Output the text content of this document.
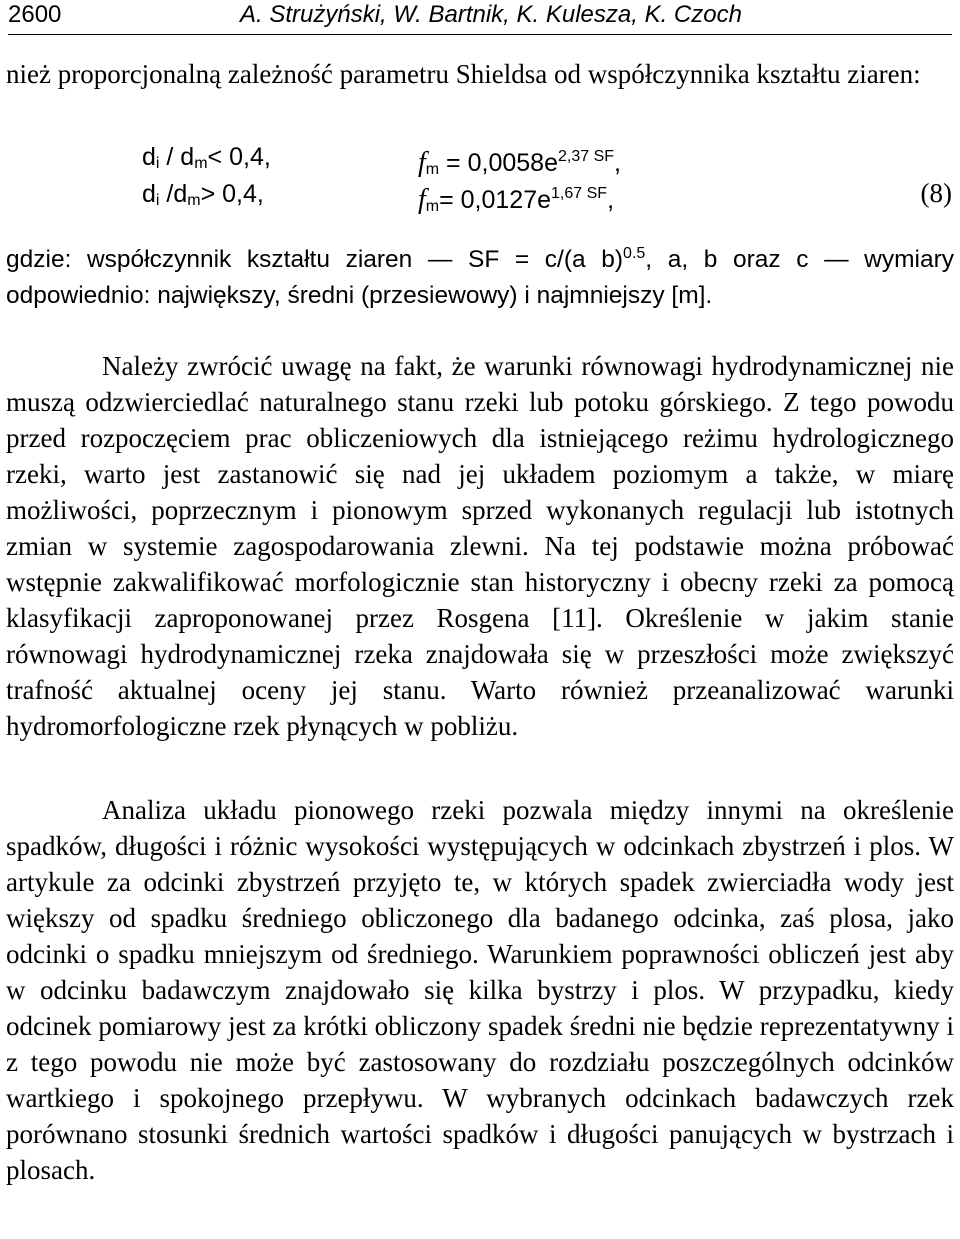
2600	A. Strużyński, W. Bartnik, K. Kulesza, K. Czoch

nież proporcjonalną zależność parametru Shieldsa od współczynnika kształtu ziaren:

$d_i / d_m< 0,4$,	$f_m = 0,0058e^{2,37 SF}$,
$d_i$ $/d_m> 0,4$,	$f_m= 0,0127e^{1,67 SF}$,	(8)

gdzie: współczynnik kształtu ziaren — SF = c/(a b)$^{0.5}$, a, b oraz c — wymiary odpowiednio: największy, średni (przesiewowy) i najmniejszy [m].

Należy zwrócić uwagę na fakt, że warunki równowagi hydrodynamicznej nie muszą odzwierciedlać naturalnego stanu rzeki lub potoku górskiego. Z tego powodu przed rozpoczęciem prac obliczeniowych dla istniejącego reżimu hydrologicznego rzeki, warto jest zastanowić się nad jej układem poziomym a także, w miarę możliwości, poprzecznym i pionowym sprzed wykonanych regulacji lub istotnych zmian w systemie zagospodarowania zlewni. Na tej podstawie można próbować wstępnie zakwalifikować morfologicznie stan historyczny i obecny rzeki za pomocą klasyfikacji zaproponowanej przez Rosgena [11]. Określenie w jakim stanie równowagi hydrodynamicznej rzeka znajdowała się w przeszłości może zwiększyć trafność aktualnej oceny jej stanu. Warto również przeanalizować warunki hydromorfologiczne rzek płynących w pobliżu.

Analiza układu pionowego rzeki pozwala między innymi na określenie spadków, długości i różnic wysokości występujących w odcinkach zbystrzeń i plos. W artykule za odcinki zbystrzeń przyjęto te, w których spadek zwierciadła wody jest większy od spadku średniego obliczonego dla badanego odcinka, zaś plosa, jako odcinki o spadku mniejszym od średniego. Warunkiem poprawności obliczeń jest aby w odcinku badawczym znajdowało się kilka bystrzy i plos. W przypadku, kiedy odcinek pomiarowy jest za krótki obliczony spadek średni nie będzie reprezentatywny i z tego powodu nie może być zastosowany do rozdziału poszczególnych odcinków wartkiego i spokojnego przepływu. W wybranych odcinkach badawczych rzek porównano stosunki średnich wartości spadków i długości panujących w bystrzach i plosach.
